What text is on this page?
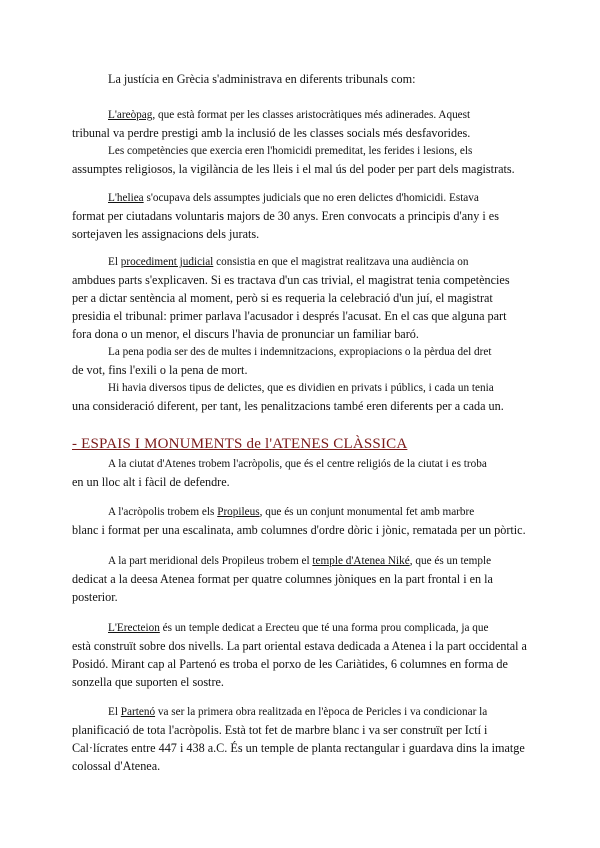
La justícia en Grècia s'administrava en diferents tribunals com:

L'areòpag, que està format per les classes aristocràtiques més adinerades. Aquest
tribunal va perdre prestigi amb la inclusió de les classes socials més desfavorides.
Les competències que exercia eren l'homicidi premeditat, les ferides i lesions, els
assumptes religiosos, la vigilància de les lleis i el mal ús del poder per part dels magistrats.

L'heliea s'ocupava dels assumptes judicials que no eren delictes d'homicidi. Estava
format per ciutadans voluntaris majors de 30 anys. Eren convocats a principis d'any i es
sortejaven les assignacions dels jurats.

El procediment judicial consistia en que el magistrat realitzava una audiència on
ambdues parts s'explicaven. Si es tractava d'un cas trivial, el magistrat tenia competències
per a dictar sentència al moment, però si es requeria la celebració d'un juí, el magistrat
presidia el tribunal: primer parlava l'acusador i després l'acusat. En el cas que alguna part
fora dona o un menor, el discurs l'havia de pronunciar un familiar baró.
La pena podia ser des de multes i indemnitzacions, expropiacions o la pèrdua del dret
de vot, fins l'exili o la pena de mort.
Hi havia diversos tipus de delictes, que es dividien en privats i públics, i cada un tenia
una consideració diferent, per tant, les penalitzacions també eren diferents per a cada un.

- ESPAIS I MONUMENTS de l'ATENES CLÀSSICA

A la ciutat d'Atenes trobem l'acròpolis, que és el centre religiós de la ciutat i es troba
en un lloc alt i fàcil de defendre.

A l'acròpolis trobem els Propileus, que és un conjunt monumental fet amb marbre
blanc i format per una escalinata, amb columnes d'ordre dòric i jònic, rematada per un pòrtic.

A la part meridional dels Propileus trobem el temple d'Atenea Niké, que és un temple
dedicat a la deesa Atenea format per quatre columnes jòniques en la part frontal i en la
posterior.

L'Erecteion és un temple dedicat a Erecteu que té una forma prou complicada, ja que
està construït sobre dos nivells. La part oriental estava dedicada a Atenea i la part occidental a
Posidó. Mirant cap al Partenó es troba el porxo de les Cariàtides, 6 columnes en forma de
sonzella que suporten el sostre.

El Partenó va ser la primera obra realitzada en l'època de Pericles i va condicionar la
planificació de tota l'acròpolis. Està tot fet de marbre blanc i va ser construït per Ictí i
Cal·lícrates entre 447 i 438 a.C. És un temple de planta rectangular i guardava dins la imatge
colossal d'Atenea.
